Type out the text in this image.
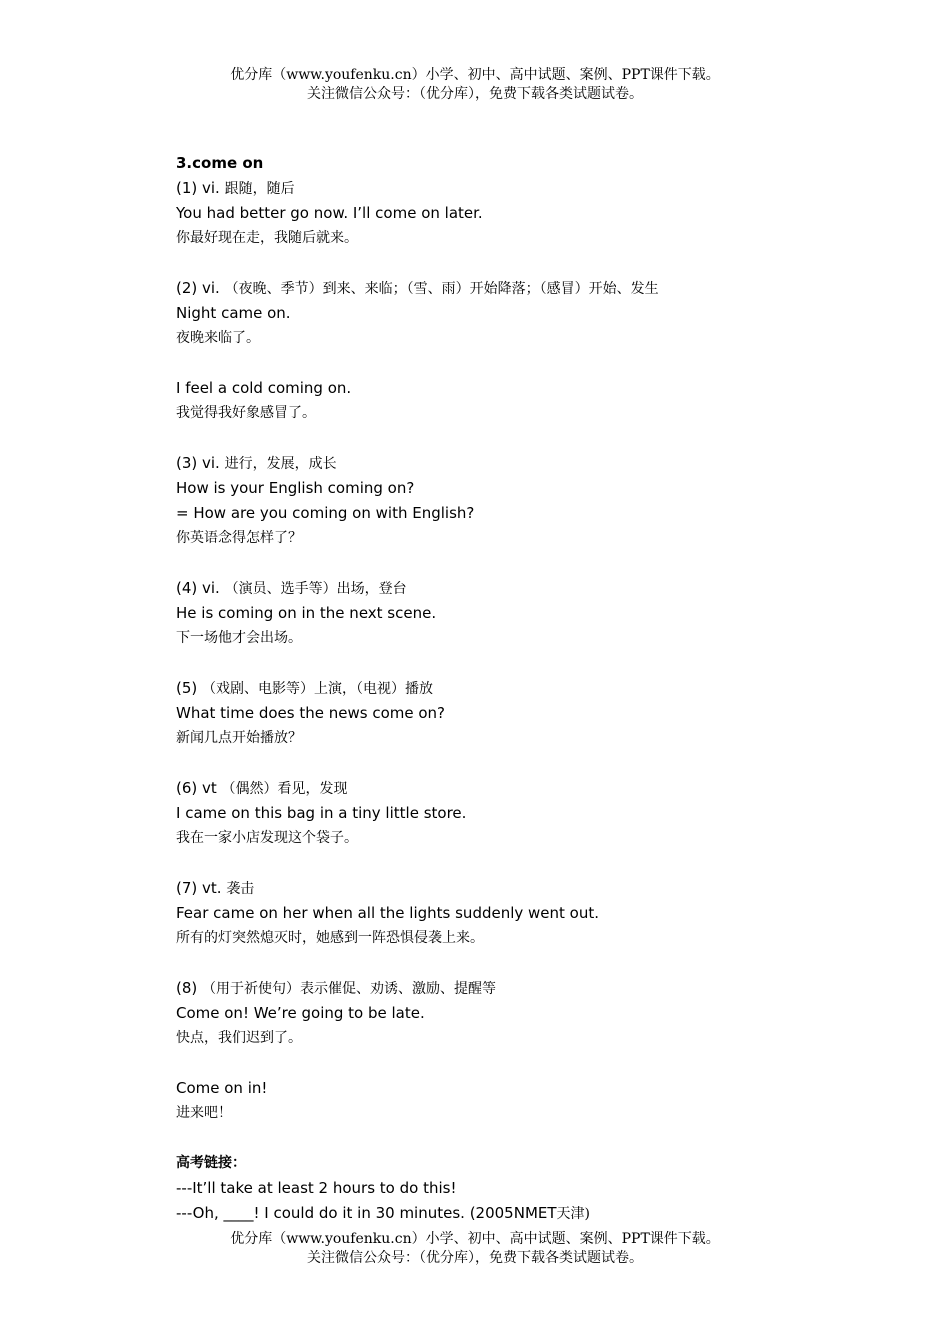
优分库（www.youfenku.cn）小学、初中、高中试题、案例、PPT课件下载。
关注微信公众号：（优分库），免费下载各类试题试卷。
3.come on
(1) vi. 跟随，随后
You had better go now. I’ll come on later.
你最好现在走，我随后就来。
(2) vi. （夜晚、季节）到来、来临；（雪、雨）开始降落；（感冒）开始、发生
Night came on.
夜晚来临了。
I feel a cold coming on.
我觉得我好象感冒了。
(3) vi. 进行，发展，成长
How is your English coming on?
= How are you coming on with English?
你英语念得怎样了？
(4) vi. （演员、选手等）出场，登台
He is coming on in the next scene.
下一场他才会出场。
(5) （戏剧、电影等）上演，（电视）播放
What time does the news come on?
新闻几点开始播放？
(6) vt （偶然）看见，发现
I came on this bag in a tiny little store.
我在一家小店发现这个袋子。
(7) vt. 袭击
Fear came on her when all the lights suddenly went out.
所有的灯突然熄灭时，她感到一阵恐惧侵袭上来。
(8) （用于祈使句）表示催促、劝诱、激励、提醒等
Come on! We’re going to be late.
快点，我们迟到了。
Come on in!
进来吧！
高考链接：
---It’ll take at least 2 hours to do this!
---Oh, ____! I could do it in 30 minutes. (2005NMET天津)
优分库（www.youfenku.cn）小学、初中、高中试题、案例、PPT课件下载。
关注微信公众号：（优分库），免费下载各类试题试卷。
